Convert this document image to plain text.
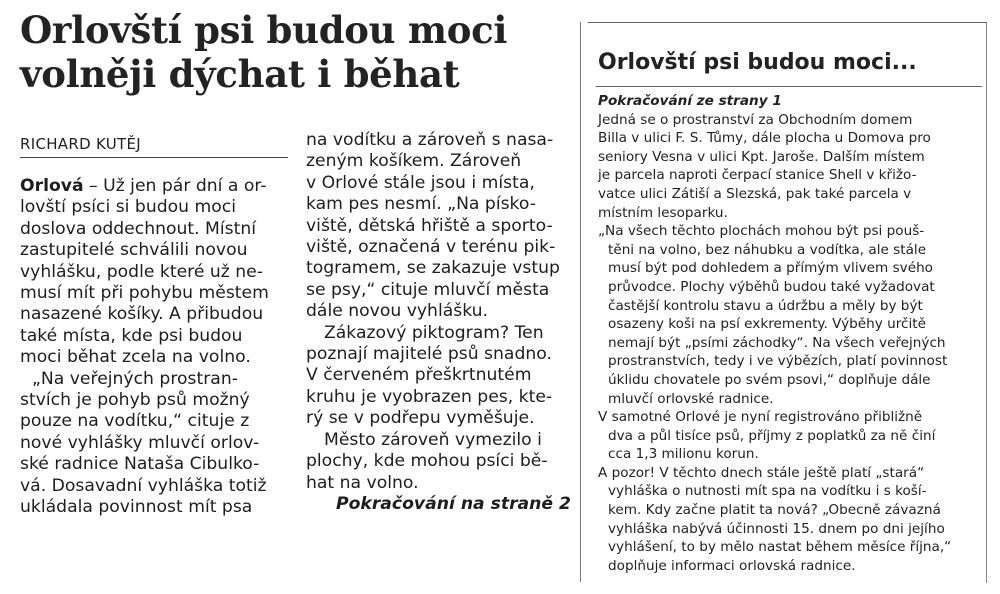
Orlovští psi budou moci
volněji dýchat i běhat
RICHARD KUTĚJ
Orlová – Už jen pár dní a or-
lovští psíci si budou moci
doslova oddechnout. Místní
zastupitelé schválili novou
vyhlášku, podle které už ne-
musí mít při pohybu městem
nasazené košíky. A přibudou
také místa, kde psi budou
moci běhat zcela na volno.
„Na veřejných prostran-
stvích je pohyb psů možný
pouze na vodítku,“ cituje z
nové vyhlášky mluvčí orlov-
ské radnice Nataša Cibulko-
vá. Dosavadní vyhláška totiž
ukládala povinnost mít psa
na vodítku a zároveň s nasa-
zeným košíkem. Zároveň
v Orlové stále jsou i místa,
kam pes nesmí. „Na písko-
viště, dětská hřiště a sporto-
viště, označená v terénu pik-
togramem, se zakazuje vstup
se psy,“ cituje mluvčí města
dále novou vyhlášku.
Zákazový piktogram? Ten
poznají majitelé psů snadno.
V červeném přeškrtnutém
kruhu je vyobrazen pes, kte-
rý se v podřepu vyměšuje.
Město zároveň vymezilo i
plochy, kde mohou psíci bě-
hat na volno.
Pokračování na straně 2
Orlovští psi budou moci...
Pokračování ze strany 1
Jedná se o prostranství za Obchodním domem
Billa v ulici F. S. Tůmy, dále plocha u Domova pro
seniory Vesna v ulici Kpt. Jaroše. Dalším místem
je parcela naproti čerpací stanice Shell v křižo-
vatce ulici Zátiší a Slezská, pak také parcela v
místním lesoparku.
„Na všech těchto plochách mohou být psi pouš-
těni na volno, bez náhubku a vodítka, ale stále
musí být pod dohledem a přímým vlivem svého
průvodce. Plochy výběhů budou také vyžadovat
častější kontrolu stavu a údržbu a měly by být
osazeny koši na psí exkrementy. Výběhy určitě
nemají být „psími záchodky“. Na všech veřejných
prostranstvích, tedy i ve výbězích, platí povinnost
úklidu chovatele po svém psovi,“ doplňuje dále
mluvčí orlovské radnice.
V samotné Orlové je nyní registrováno přibližně
dva a půl tisíce psů, příjmy z poplatků za ně činí
cca 1,3 milionu korun.
A pozor! V těchto dnech stále ještě platí „stará“
vyhláška o nutnosti mít spa na vodítku i s koší-
kem. Kdy začne platit ta nová? „Obecně závazná
vyhláška nabývá účinnosti 15. dnem po dni jejího
vyhlášení, to by mělo nastat během měsíce října,“
doplňuje informaci orlovská radnice.
